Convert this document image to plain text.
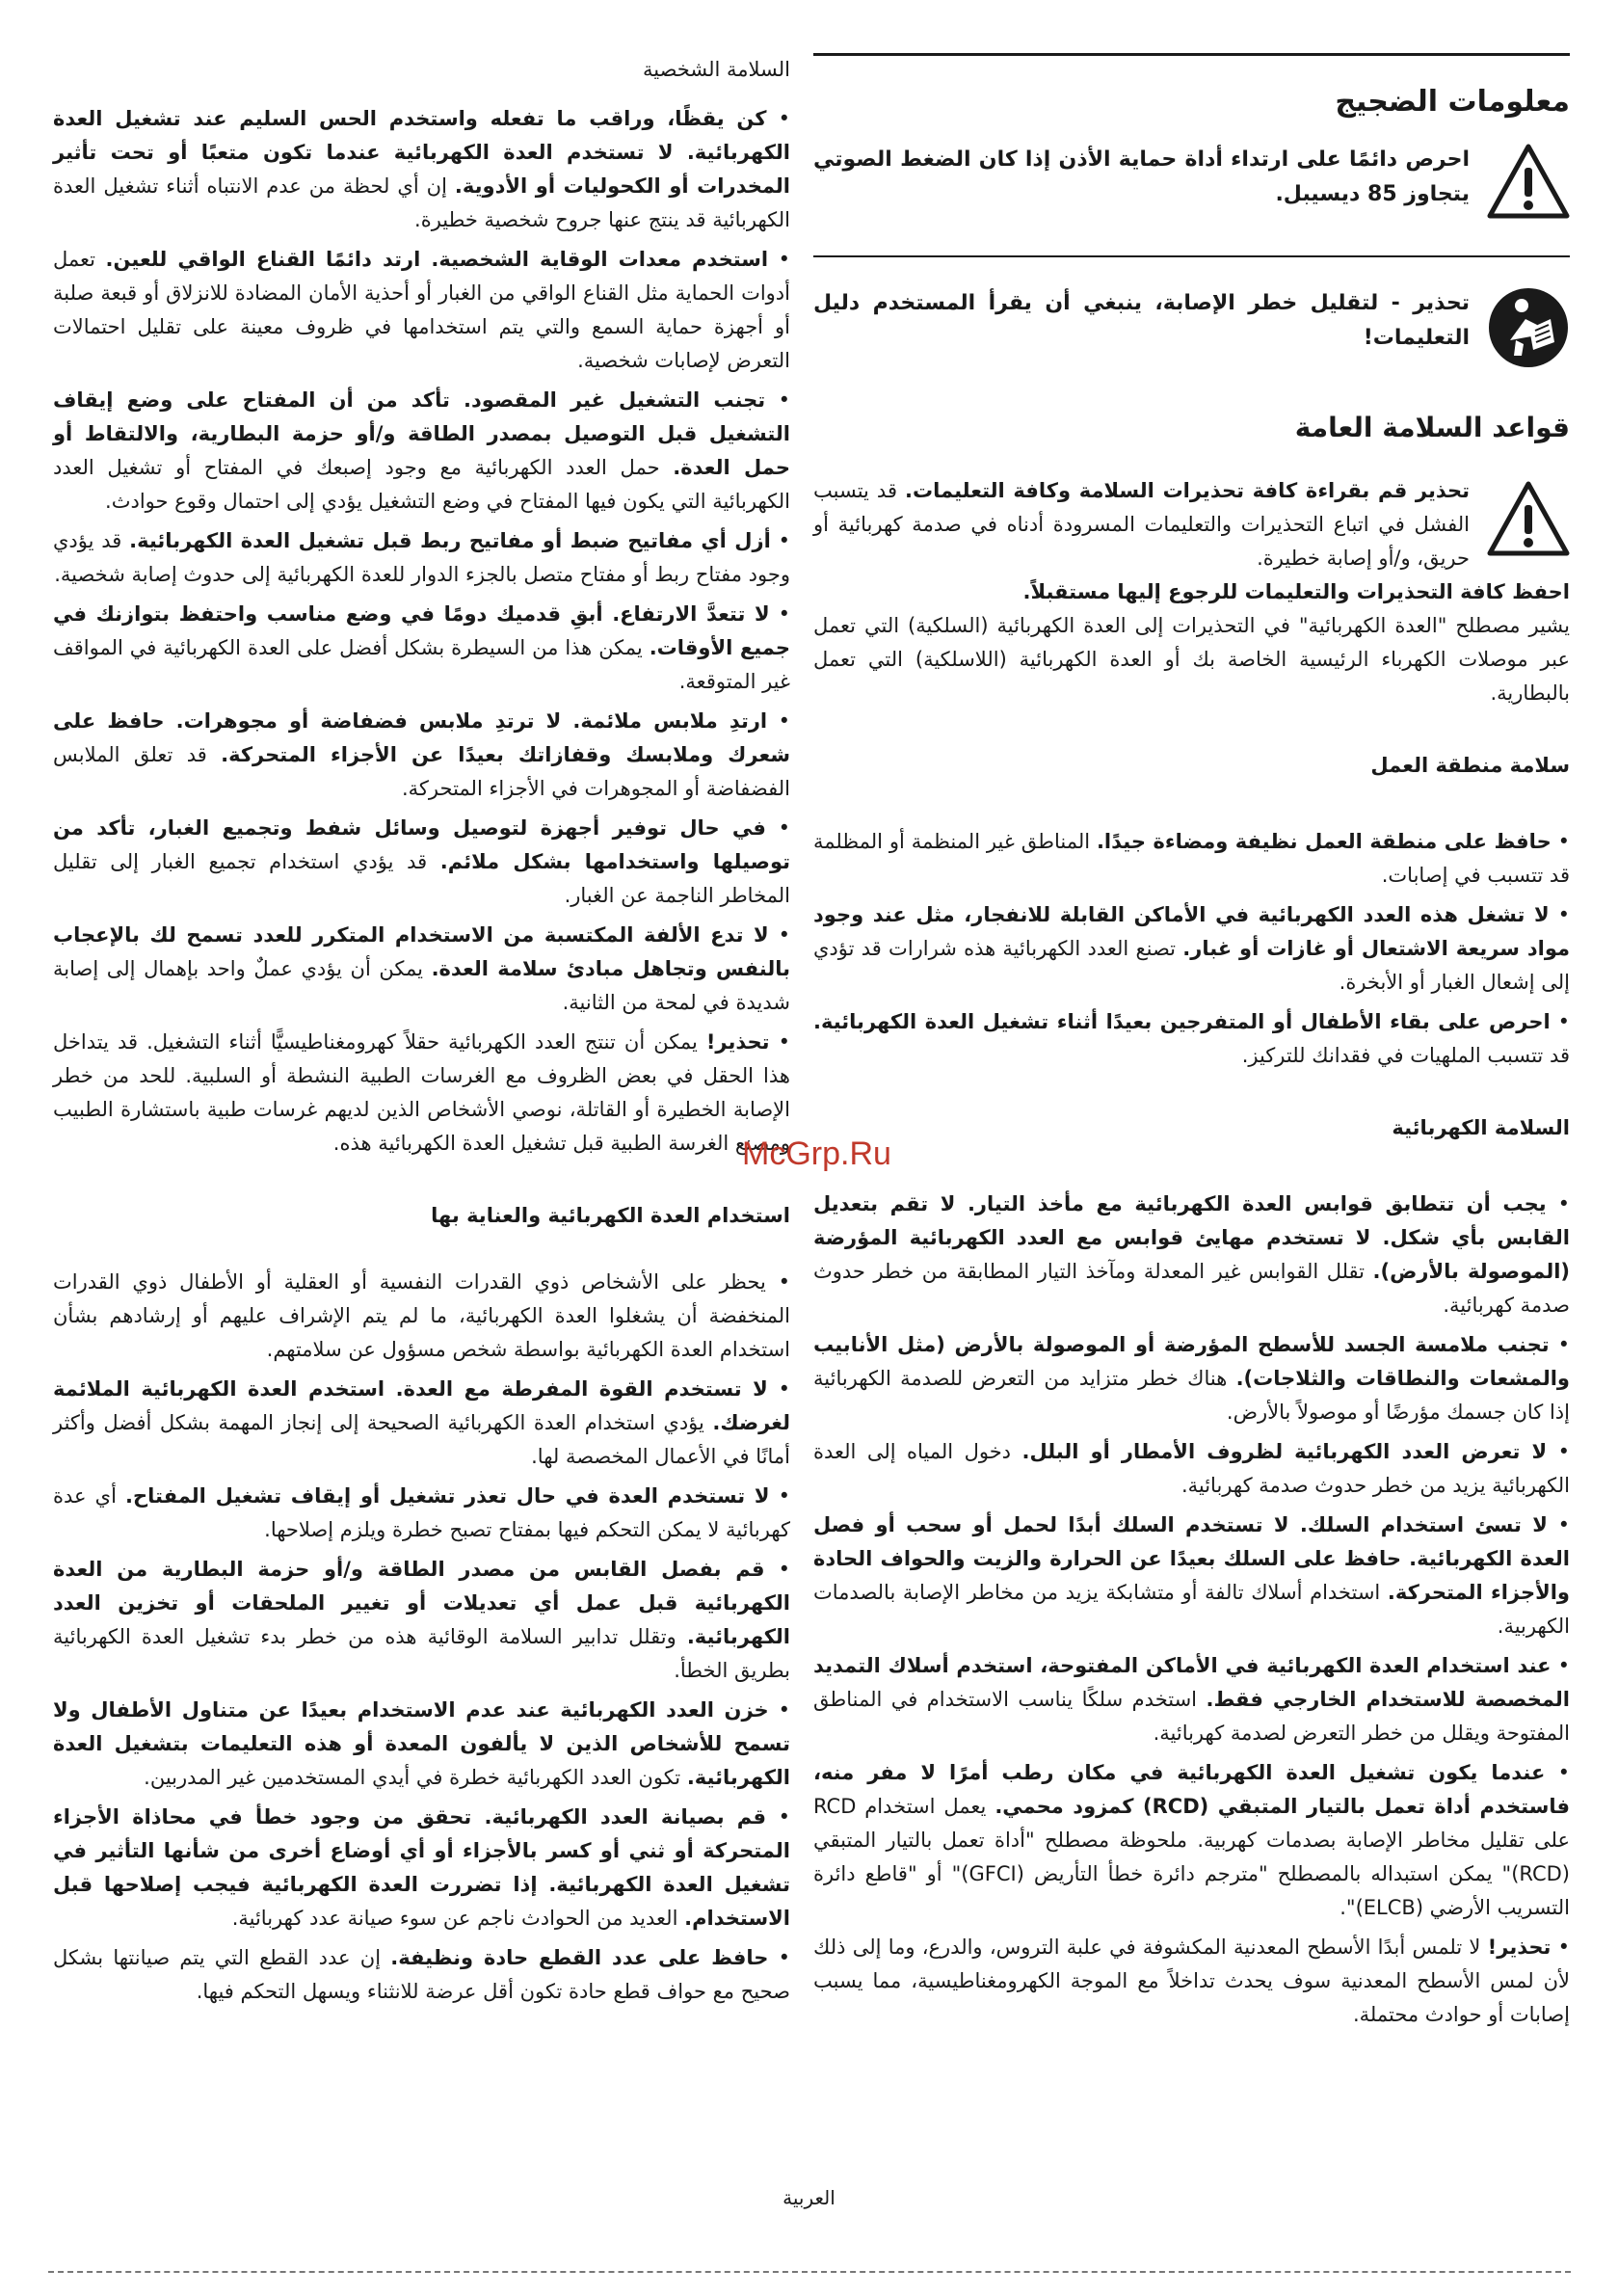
معلومات الضجيج
احرص دائمًا على ارتداء أداة حماية الأذن إذا كان الضغط الصوتي يتجاوز 85 ديسيبل.
تحذير - لتقليل خطر الإصابة، ينبغي أن يقرأ المستخدم دليل التعليمات!
قواعد السلامة العامة
تحذير قم بقراءة كافة تحذيرات السلامة وكافة التعليمات. قد يتسبب الفشل في اتباع التحذيرات والتعليمات المسرودة أدناه في صدمة كهربائية أو حريق، و/أو إصابة خطيرة.

احفظ كافة التحذيرات والتعليمات للرجوع إليها مستقبلاً.

يشير مصطلح "العدة الكهربائية" في التحذيرات إلى العدة الكهربائية (السلكية) التي تعمل عبر موصلات الكهرباء الرئيسية الخاصة بك أو العدة الكهربائية (اللاسلكية) التي تعمل بالبطارية.

سلامة منطقة العمل

• حافظ على منطقة العمل نظيفة ومضاءة جيدًا. المناطق غير المنظمة أو المظلمة قد تتسبب في إصابات.

• لا تشغل هذه العدد الكهربائية في الأماكن القابلة للانفجار، مثل عند وجود مواد سريعة الاشتعال أو غازات أو غبار. تصنع العدد الكهربائية هذه شرارات قد تؤدي إلى إشعال الغبار أو الأبخرة.

• احرص على بقاء الأطفال أو المتفرجين بعيدًا أثناء تشغيل العدة الكهربائية. قد تتسبب الملهيات في فقدانك للتركيز.

السلامة الكهربائية

• يجب أن تتطابق قوابس العدة الكهربائية مع مأخذ التيار. لا تقم بتعديل القابس بأي شكل. لا تستخدم مهايئ قوابس مع العدد الكهربائية المؤرضة (الموصولة بالأرض). تقلل القوابس غير المعدلة ومآخذ التيار المطابقة من خطر حدوث صدمة كهربائية.

• تجنب ملامسة الجسد للأسطح المؤرضة أو الموصولة بالأرض (مثل الأنابيب والمشعات والنطاقات والثلاجات). هناك خطر متزايد من التعرض للصدمة الكهربائية إذا كان جسمك مؤرضًا أو موصولاً بالأرض.

• لا تعرض العدد الكهربائية لظروف الأمطار أو البلل. دخول المياه إلى العدة الكهربائية يزيد من خطر حدوث صدمة كهربائية.

• لا تسئ استخدام السلك. لا تستخدم السلك أبدًا لحمل أو سحب أو فصل العدة الكهربائية. حافظ على السلك بعيدًا عن الحرارة والزيت والحواف الحادة والأجزاء المتحركة. استخدام أسلاك تالفة أو متشابكة يزيد من مخاطر الإصابة بالصدمات الكهربية.

• عند استخدام العدة الكهربائية في الأماكن المفتوحة، استخدم أسلاك التمديد المخصصة للاستخدام الخارجي فقط. استخدم سلكًا يناسب الاستخدام في المناطق المفتوحة ويقلل من خطر التعرض لصدمة كهربائية.

• عندما يكون تشغيل العدة الكهربائية في مكان رطب أمرًا لا مفر منه، فاستخدم أداة تعمل بالتيار المتبقي (RCD) كمزود محمي. يعمل استخدام RCD على تقليل مخاطر الإصابة بصدمات كهربية. ملحوظة مصطلح "أداة تعمل بالتيار المتبقي (RCD)" يمكن استبداله بالمصطلح "مترجم دائرة خطأ التأريض (GFCI)" أو "قاطع دائرة التسريب الأرضي (ELCB)".

• تحذير! لا تلمس أبدًا الأسطح المعدنية المكشوفة في علبة التروس، والدرع، وما إلى ذلك لأن لمس الأسطح المعدنية سوف يحدث تداخلاً مع الموجة الكهرومغناطيسية، مما يسبب إصابات أو حوادث محتملة.

السلامة الشخصية

• كن يقظًا، وراقب ما تفعله واستخدم الحس السليم عند تشغيل العدة الكهربائية. لا تستخدم العدة الكهربائية عندما تكون متعبًا أو تحت تأثير المخدرات أو الكحوليات أو الأدوية. إن أي لحظة من عدم الانتباه أثناء تشغيل العدة الكهربائية قد ينتج عنها جروح شخصية خطيرة.

• استخدم معدات الوقاية الشخصية. ارتد دائمًا القناع الواقي للعين. تعمل أدوات الحماية مثل القناع الواقي من الغبار أو أحذية الأمان المضادة للانزلاق أو قبعة صلبة أو أجهزة حماية السمع والتي يتم استخدامها في ظروف معينة على تقليل احتمالات التعرض لإصابات شخصية.

• تجنب التشغيل غير المقصود. تأكد من أن المفتاح على وضع إيقاف التشغيل قبل التوصيل بمصدر الطاقة و/أو حزمة البطارية، والالتقاط أو حمل العدة. حمل العدد الكهربائية مع وجود إصبعك في المفتاح أو تشغيل العدد الكهربائية التي يكون فيها المفتاح في وضع التشغيل يؤدي إلى احتمال وقوع حوادث.

• أزل أي مفاتيح ضبط أو مفاتيح ربط قبل تشغيل العدة الكهربائية. قد يؤدي وجود مفتاح ربط أو مفتاح متصل بالجزء الدوار للعدة الكهربائية إلى حدوث إصابة شخصية.

• لا تتعدَّ الارتفاع. أبقِ قدميك دومًا في وضع مناسب واحتفظ بتوازنك في جميع الأوقات. يمكن هذا من السيطرة بشكل أفضل على العدة الكهربائية في المواقف غير المتوقعة.

• ارتدِ ملابس ملائمة. لا ترتدِ ملابس فضفاضة أو مجوهرات. حافظ على شعرك وملابسك وقفازاتك بعيدًا عن الأجزاء المتحركة. قد تعلق الملابس الفضفاضة أو المجوهرات في الأجزاء المتحركة.

• في حال توفير أجهزة لتوصيل وسائل شفط وتجميع الغبار، تأكد من توصيلها واستخدامها بشكل ملائم. قد يؤدي استخدام تجميع الغبار إلى تقليل المخاطر الناجمة عن الغبار.

• لا تدع الألفة المكتسبة من الاستخدام المتكرر للعدد تسمح لك بالإعجاب بالنفس وتجاهل مبادئ سلامة العدة. يمكن أن يؤدي عملٌ واحد بإهمال إلى إصابة شديدة في لمحة من الثانية.

• تحذير! يمكن أن تنتج العدد الكهربائية حقلاً كهرومغناطيسيًّا أثناء التشغيل. قد يتداخل هذا الحقل في بعض الظروف مع الغرسات الطبية النشطة أو السلبية. للحد من خطر الإصابة الخطيرة أو القاتلة، نوصي الأشخاص الذين لديهم غرسات طبية باستشارة الطبيب ومصنع الغرسة الطبية قبل تشغيل العدة الكهربائية هذه.

استخدام العدة الكهربائية والعناية بها

• يحظر على الأشخاص ذوي القدرات النفسية أو العقلية أو الأطفال ذوي القدرات المنخفضة أن يشغلوا العدة الكهربائية، ما لم يتم الإشراف عليهم أو إرشادهم بشأن استخدام العدة الكهربائية بواسطة شخص مسؤول عن سلامتهم.

• لا تستخدم القوة المفرطة مع العدة. استخدم العدة الكهربائية الملائمة لغرضك. يؤدي استخدام العدة الكهربائية الصحيحة إلى إنجاز المهمة بشكل أفضل وأكثر أمانًا في الأعمال المخصصة لها.

• لا تستخدم العدة في حال تعذر تشغيل أو إيقاف تشغيل المفتاح. أي عدة كهربائية لا يمكن التحكم فيها بمفتاح تصبح خطرة ويلزم إصلاحها.

• قم بفصل القابس من مصدر الطاقة و/أو حزمة البطارية من العدة الكهربائية قبل عمل أي تعديلات أو تغيير الملحقات أو تخزين العدد الكهربائية. وتقلل تدابير السلامة الوقائية هذه من خطر بدء تشغيل العدة الكهربائية بطريق الخطأ.

• خزن العدد الكهربائية عند عدم الاستخدام بعيدًا عن متناول الأطفال ولا تسمح للأشخاص الذين لا يألفون المعدة أو هذه التعليمات بتشغيل العدة الكهربائية. تكون العدد الكهربائية خطرة في أيدي المستخدمين غير المدربين.

• قم بصيانة العدد الكهربائية. تحقق من وجود خطأ في محاذاة الأجزاء المتحركة أو ثني أو كسر بالأجزاء أو أي أوضاع أخرى من شأنها التأثير في تشغيل العدة الكهربائية. إذا تضررت العدة الكهربائية فيجب إصلاحها قبل الاستخدام. العديد من الحوادث ناجم عن سوء صيانة عدد كهربائية.

• حافظ على عدد القطع حادة ونظيفة. إن عدد القطع التي يتم صيانتها بشكل صحيح مع حواف قطع حادة تكون أقل عرضة للانثناء ويسهل التحكم فيها.

McGrp.Ru
العربية
